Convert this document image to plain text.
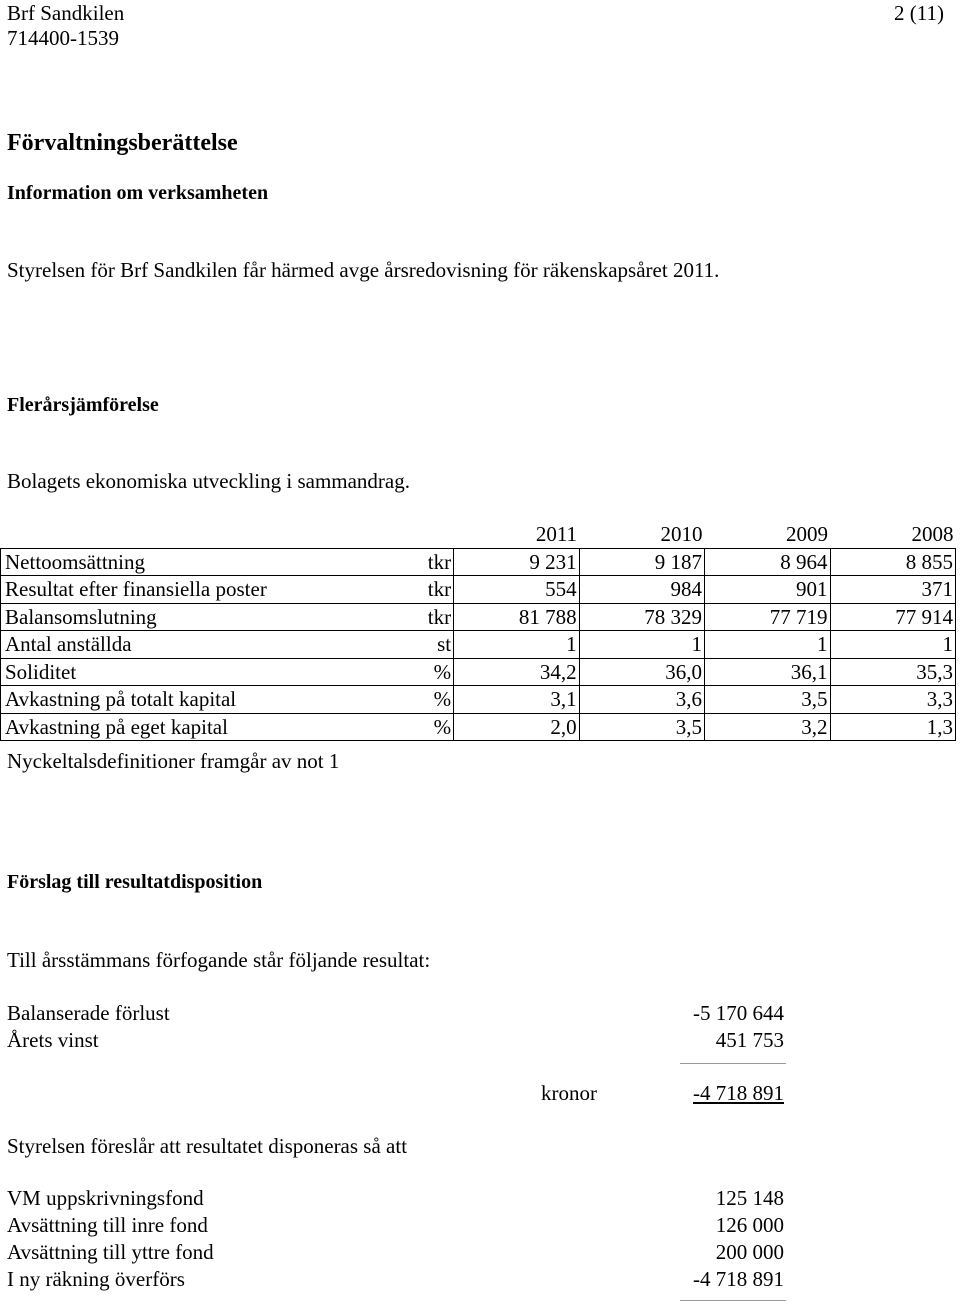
Brf Sandkilen
714400-1539
2 (11)
Förvaltningsberättelse
Information om verksamheten
Styrelsen för Brf Sandkilen får härmed avge årsredovisning för räkenskapsåret 2011.
Flerårsjämförelse
Bolagets ekonomiska utveckling i sammandrag.
		2011	2010	2009	2008
Nettoomsättning	tkr	9 231	9 187	8 964	8 855
Resultat efter finansiella poster	tkr	554	984	901	371
Balansomslutning	tkr	81 788	78 329	77 719	77 914
Antal anställda	st	1	1	1	1
Soliditet	%	34,2	36,0	36,1	35,3
Avkastning på totalt kapital	%	3,1	3,6	3,5	3,3
Avkastning på eget kapital	%	2,0	3,5	3,2	1,3
Nyckeltalsdefinitioner framgår av not 1
Förslag till resultatdisposition
Till årsstämmans förfogande står följande resultat:
Balanserade förlust	-5 170 644
Årets vinst	451 753
kronor	-4 718 891
Styrelsen föreslår att resultatet disponeras så att
VM uppskrivningsfond	125 148
Avsättning till inre fond	126 000
Avsättning till yttre fond	200 000
I ny räkning överförs	-4 718 891
